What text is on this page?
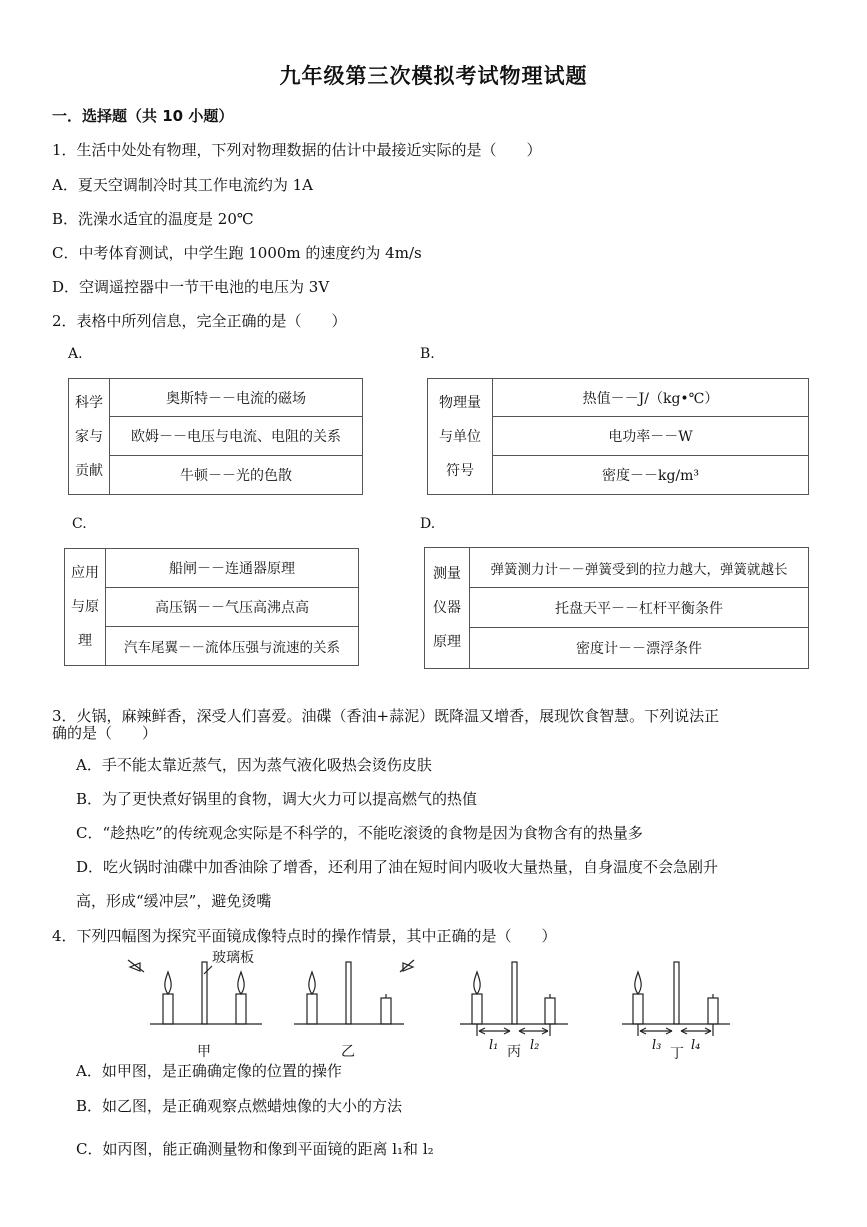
九年级第三次模拟考试物理试题
一．选择题（共 10 小题）
1．生活中处处有物理，下列对物理数据的估计中最接近实际的是（　　）
A．夏天空调制冷时其工作电流约为 1A
B．洗澡水适宜的温度是 20℃
C．中考体育测试，中学生跑 1000m 的速度约为 4m/s
D．空调遥控器中一节干电池的电压为 3V
2．表格中所列信息，完全正确的是（　　）
A.
科学
家与
贡献	奥斯特－－电流的磁场
欧姆－－电压与电流、电阻的关系
牛顿－－光的色散
B.
物理量
与单位
符号	热值－－J/（kg•℃）
电功率－－W
密度－－kg/m³
C.
应用
与原
理	船闸－－连通器原理
高压锅－－气压高沸点高
汽车尾翼－－流体压强与流速的关系
D.
测量
仪器
原理	弹簧测力计－－弹簧受到的拉力越大，弹簧就越长
托盘天平－－杠杆平衡条件
密度计－－漂浮条件
3．火锅，麻辣鲜香，深受人们喜爱。油碟（香油+蒜泥）既降温又增香，展现饮食智慧。下列说法正
确的是（　　）
A．手不能太靠近蒸气，因为蒸气液化吸热会烫伤皮肤
B．为了更快煮好锅里的食物，调大火力可以提高燃气的热值
C．“趁热吃”的传统观念实际是不科学的，不能吃滚烫的食物是因为食物含有的热量多
D．吃火锅时油碟中加香油除了增香，还利用了油在短时间内吸收大量热量，自身温度不会急剧升
高，形成“缓冲层”，避免烫嘴
4．下列四幅图为探究平面镜成像特点时的操作情景，其中正确的是（　　）
玻璃板
甲	乙	丙	丁
l₁ l₂	l₃ l₄
A．如甲图，是正确确定像的位置的操作
B．如乙图，是正确观察点燃蜡烛像的大小的方法
C．如丙图，能正确测量物和像到平面镜的距离 l₁和 l₂
